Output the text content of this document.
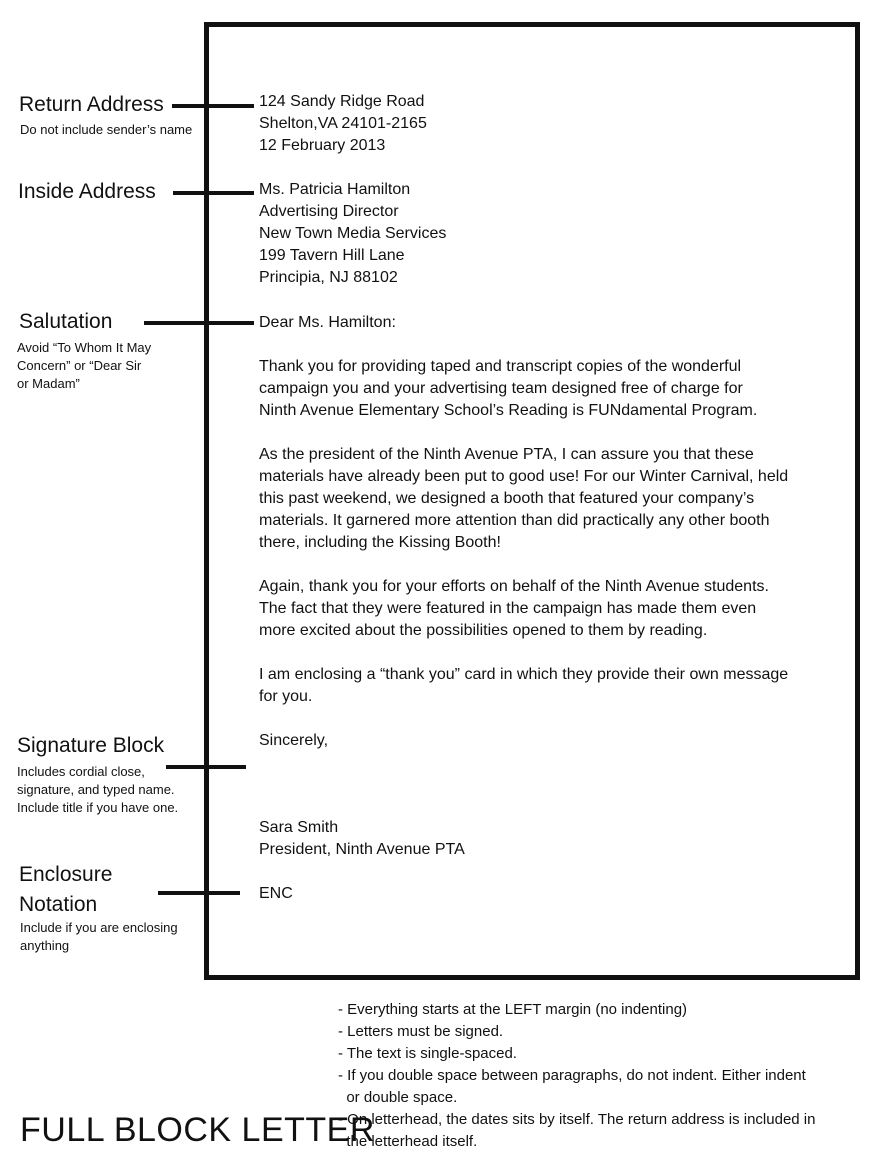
Return Address
Do not include sender’s name
Inside Address
Salutation
Avoid “To Whom It May
Concern” or “Dear Sir
or Madam”
Signature Block
Includes cordial close,
signature, and typed name.
Include title if you have one.
Enclosure
Notation
Include if you are enclosing
anything
124 Sandy Ridge Road
Shelton,VA 24101-2165
12 February 2013
Ms. Patricia Hamilton
Advertising Director
New Town Media Services
199 Tavern Hill Lane
Principia, NJ 88102
Dear Ms. Hamilton:
Thank you for providing taped and transcript copies of the wonderful
campaign you and your advertising team designed free of charge for
Ninth Avenue Elementary School’s Reading is FUNdamental Program.
As the president of the Ninth Avenue PTA, I can assure you that these
materials have already been put to good use! For our Winter Carnival, held
this past weekend, we designed a booth that featured your company’s
materials. It garnered more attention than did practically any other booth
there, including the Kissing Booth!
Again, thank you for your efforts on behalf of the Ninth Avenue students.
The fact that they were featured in the campaign has made them even
more excited about the possibilities opened to them by reading.
I am enclosing a “thank you” card in which they provide their own message
for you.
Sincerely,
Sara Smith
President, Ninth Avenue PTA
ENC
- Everything starts at the LEFT margin (no indenting)
- Letters must be signed.
- The text is single-spaced.
- If you double space between paragraphs, do not indent. Either indent
or double space.
- On letterhead, the dates sits by itself. The return address is included in
the letterhead itself.
FULL BLOCK LETTER
